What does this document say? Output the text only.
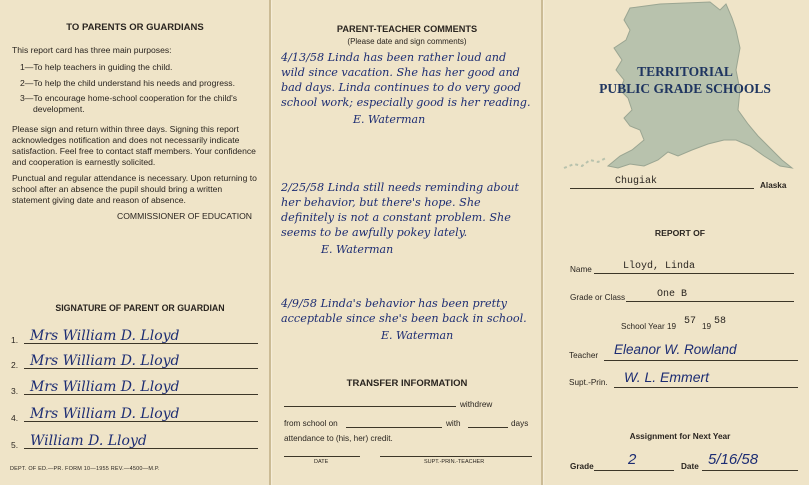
TO PARENTS OR GUARDIANS

This report card has three main purposes:

1—To help teachers in guiding the child.
2—To help the child understand his needs and progress.
3—To encourage home-school cooperation for the child's development.

Please sign and return within three days. Signing this report acknowledges notification and does not necessarily indicate satisfaction. Feel free to contact staff members. Your confidence and cooperation is earnestly solicited.

Punctual and regular attendance is necessary. Upon returning to school after an absence the pupil should bring a written statement giving date and reason of absence.

COMMISSIONER OF EDUCATION

SIGNATURE OF PARENT OR GUARDIAN

1. Mrs William D. Lloyd
2. Mrs William D. Lloyd
3. Mrs William D. Lloyd
4. Mrs William D. Lloyd
5. William D. Lloyd
DEPT. OF ED.—PR. FORM 10—1955 REV.—4500—M.P.

PARENT-TEACHER COMMENTS

(Please date and sign comments)

4/13/58 Linda has been rather loud and wild since vacation. She has her good and bad days. Linda continues to do very good school work; especially good is her reading.
E. Waterman
2/25/58 Linda still needs reminding about her behavior, but there's hope. She definitely is not a constant problem. She seems to be awfully pokey lately.
E. Waterman
4/9/58 Linda's behavior has been pretty acceptable since she's been back in school.
E. Waterman

TRANSFER INFORMATION

withdrew
from school on	with	days
attendance to (his, her) credit.
DATE	SUPT.-PRIN.-TEACHER

TERRITORIAL

PUBLIC GRADE SCHOOLS

Chugiak	Alaska

REPORT OF

Name	Lloyd, Linda
Grade or Class	One B
School Year 19 57 19 58
Teacher Eleanor W. Rowland
Supt.-Prin. W. L. Emmert

Assignment for Next Year

Grade 2	Date 5/16/58
